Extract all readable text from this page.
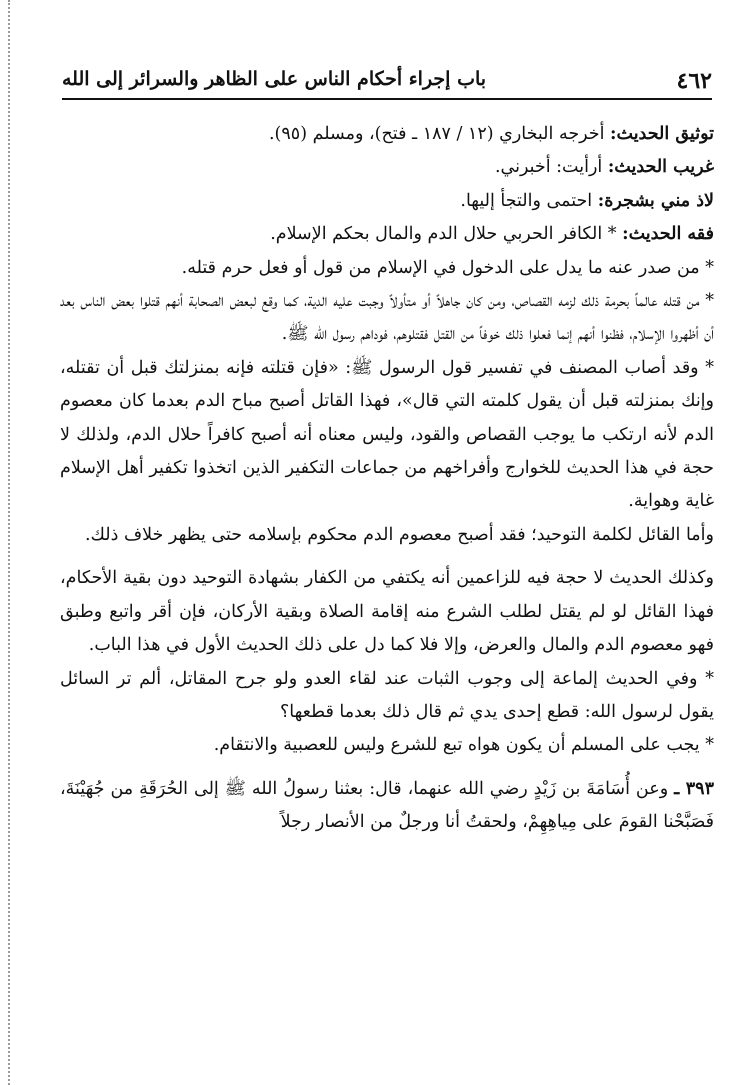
٤٦٢
باب إجراء أحكام الناس على الظاهر والسرائر إلى الله

توثيق الحديث: أخرجه البخاري (١٢ / ١٨٧ ـ فتح)، ومسلم (٩٥).

غريب الحديث: أرأيت: أخبرني.

لاذ مني بشجرة: احتمى والتجأ إليها.

فقه الحديث: * الكافر الحربي حلال الدم والمال بحكم الإسلام.

* من صدر عنه ما يدل على الدخول في الإسلام من قول أو فعل حرم قتله.

* من قتله عالماً بحرمة ذلك لزمه القصاص، ومن كان جاهلاً أو متأولاً وجبت عليه الدية، كما وقع لبعض الصحابة أنهم قتلوا بعض الناس بعد أن أظهروا الإسلام، فظنوا أنهم إنما فعلوا ذلك خوفاً من القتل فقتلوهم، فوداهم رسول الله ﷺ.

* وقد أصاب المصنف في تفسير قول الرسول ﷺ: «فإن قتلته فإنه بمنزلتك قبل أن تقتله، وإنك بمنزلته قبل أن يقول كلمته التي قال»، فهذا القاتل أصبح مباح الدم بعدما كان معصوم الدم لأنه ارتكب ما يوجب القصاص والقود، وليس معناه أنه أصبح كافراً حلال الدم، ولذلك لا حجة في هذا الحديث للخوارج وأفراخهم من جماعات التكفير الذين اتخذوا تكفير أهل الإسلام غاية وهواية.

وأما القائل لكلمة التوحيد؛ فقد أصبح معصوم الدم محكوم بإسلامه حتى يظهر خلاف ذلك.

وكذلك الحديث لا حجة فيه للزاعمين أنه يكتفي من الكفار بشهادة التوحيد دون بقية الأحكام، فهذا القائل لو لم يقتل لطلب الشرع منه إقامة الصلاة وبقية الأركان، فإن أقر واتبع وطبق فهو معصوم الدم والمال والعرض، وإلا فلا كما دل على ذلك الحديث الأول في هذا الباب.

* وفي الحديث إلماعة إلى وجوب الثبات عند لقاء العدو ولو جرح المقاتل، ألم تر السائل يقول لرسول الله: قطع إحدى يدي ثم قال ذلك بعدما قطعها؟

* يجب على المسلم أن يكون هواه تبع للشرع وليس للعصبية والانتقام.

٣٩٣ ـ وعن أُسَامَةَ بن زَيْدٍ رضي الله عنهما، قال: بعثنا رسولُ الله ﷺ إلى الحُرَقَةِ من جُهَيْنَةَ، فَصَبَّحْنا القومَ على مِياهِهِمْ، ولحقتُ أنا ورجلٌ من الأنصار رجلاً
